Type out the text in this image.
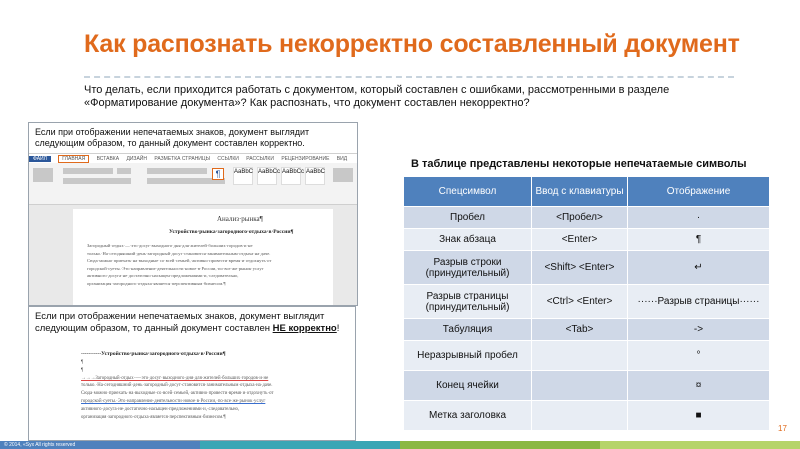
Как распознать некорректно составленный документ
Что делать, если приходится работать с документом, который составлен с ошибками, рассмотренными в разделе «Форматирование документа»? Как распознать, что документ составлен некорректно?
Если при отображении непечатаемых знаков, документ выглядит следующим образом, то данный документ составлен корректно.
ФАЙЛ	ГЛАВНАЯ ВСТАВКА ДИЗАЙН РАЗМЕТКА СТРАНИЦЫ ССЫЛКИ РАССЫЛКИ РЕЦЕНЗИРОВАНИЕ ВИД
¶	AaBbC AaBbCc AaBbCc AaBbC
Анализ·рынка¶
Устройство·рынка·загородного·отдыха·в·России¶
Загородный·отдых·—·это·досуг·выходного·дня·для·жителей·больших·городов·и·не
только.·На·сегодняшний·день·загородный·досуг·становится·занимательным·отдыха·на·даче.
Сюда·можно·приехать·на·выходные·со·всей·семьей,·активно·провести·время·и·отдохнуть·от
городской·суеты.·Это·направление·деятельности·новое·в·России,·по·все·же·рынок·услуг
активного·досуга·не·достаточно·насыщен·предложениями·и,·следовательно,
организация·загородного·отдыха·является·перспективным·бизнесом.¶
Если при отображении непечатаемых знаков, документ выглядит следующим образом, то данный документ составлен НЕ корректно!
-----------Устройство·рынка·загородного·отдыха·в·России¶
¶
¶
→→→Загородный·отдых·—·это·досуг·выходного·дня·для·жителей·больших·городов·и·не
только.·На·сегодняшний·день·загородный·досуг·становится·занимательным·отдыха·на·даче.
Сюда·можно·приехать·на·выходные·со·всей·семьей,·активно·провести·время·и·отдохнуть·от
городской·суеты.·Это·направление·деятельности·новое·в·России,·по·все·же·рынок·услуг
активного·досуга·не·достаточно·насыщен·предложениями·и,·следовательно,
организация·загородного·отдыха·является·перспективным·бизнесом.¶
В таблице представлены некоторые непечатаемые символы
Спецсимвол	Ввод с клавиатуры	Отображение
Пробел	<Пробел>	·
Знак абзаца	<Enter>	¶
Разрыв строки (принудительный)	<Shift> <Enter>	↵
Разрыв страницы (принудительный)	<Ctrl> <Enter>	······Разрыв страницы······
Табуляция	<Tab>	->
Неразрывный пробел		°
Конец ячейки		¤
Метка заголовка		■
17
© 2014, «Syx All rights reserved
